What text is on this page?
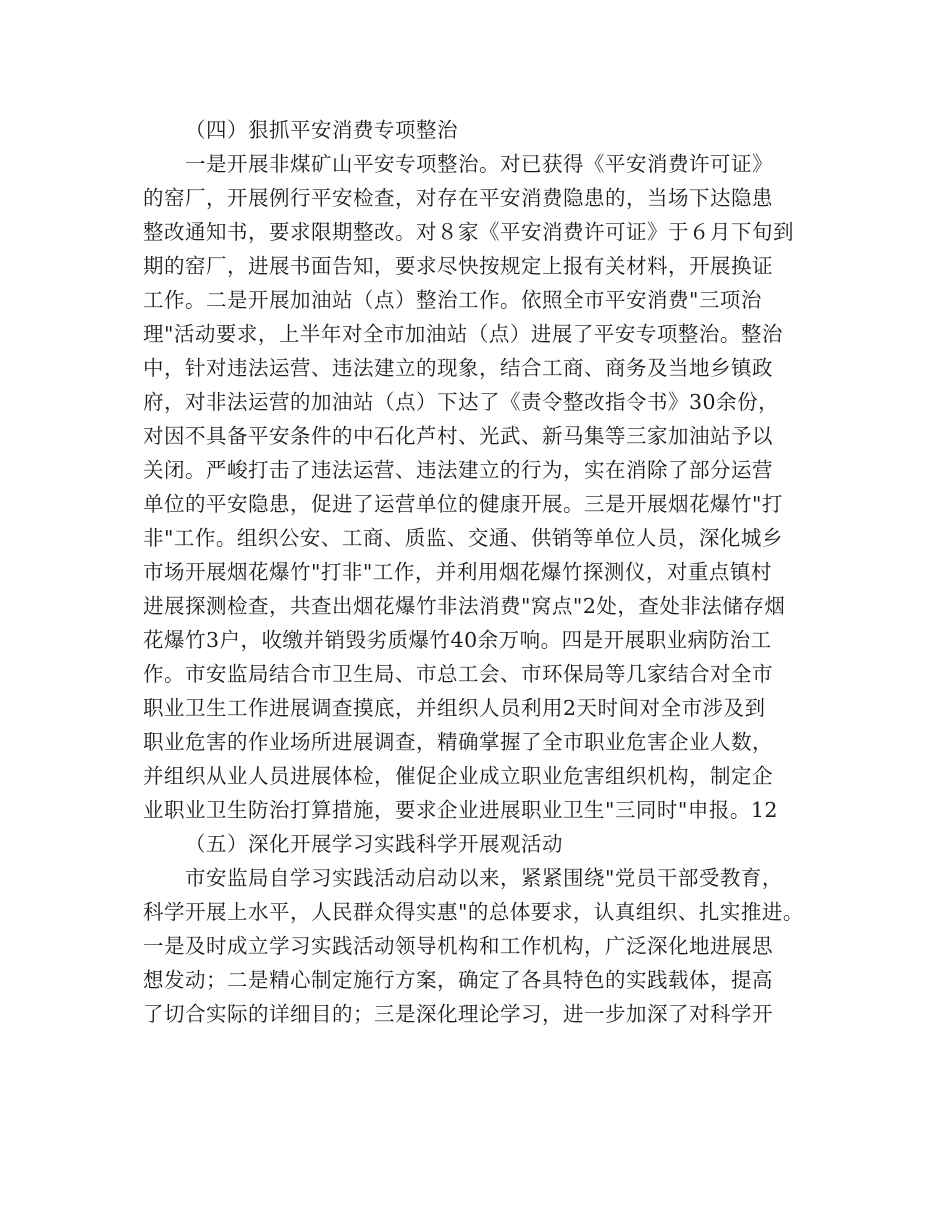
（四）狠抓平安消费专项整治
一是开展非煤矿山平安专项整治。对已获得《平安消费许可证》
的窑厂，开展例行平安检查，对存在平安消费隐患的，当场下达隐患
整改通知书，要求限期整改。对８家《平安消费许可证》于６月下旬到
期的窑厂，进展书面告知，要求尽快按规定上报有关材料，开展换证
工作。二是开展加油站（点）整治工作。依照全市平安消费"三项治
理"活动要求，上半年对全市加油站（点）进展了平安专项整治。整治
中，针对违法运营、违法建立的现象，结合工商、商务及当地乡镇政
府，对非法运营的加油站（点）下达了《责令整改指令书》30余份，
对因不具备平安条件的中石化芦村、光武、新马集等三家加油站予以
关闭。严峻打击了违法运营、违法建立的行为，实在消除了部分运营
单位的平安隐患，促进了运营单位的健康开展。三是开展烟花爆竹"打
非"工作。组织公安、工商、质监、交通、供销等单位人员，深化城乡
市场开展烟花爆竹"打非"工作，并利用烟花爆竹探测仪，对重点镇村
进展探测检查，共查出烟花爆竹非法消费"窝点"2处，查处非法储存烟
花爆竹3户，收缴并销毁劣质爆竹40余万响。四是开展职业病防治工
作。市安监局结合市卫生局、市总工会、市环保局等几家结合对全市
职业卫生工作进展调查摸底，并组织人员利用2天时间对全市涉及到
职业危害的作业场所进展调查，精确掌握了全市职业危害企业人数，
并组织从业人员进展体检，催促企业成立职业危害组织机构，制定企
业职业卫生防治打算措施，要求企业进展职业卫生"三同时"申报。12
（五）深化开展学习实践科学开展观活动
市安监局自学习实践活动启动以来，紧紧围绕"党员干部受教育，
科学开展上水平，人民群众得实惠"的总体要求，认真组织、扎实推进。
一是及时成立学习实践活动领导机构和工作机构，广泛深化地进展思
想发动；二是精心制定施行方案，确定了各具特色的实践载体，提高
了切合实际的详细目的；三是深化理论学习，进一步加深了对科学开
